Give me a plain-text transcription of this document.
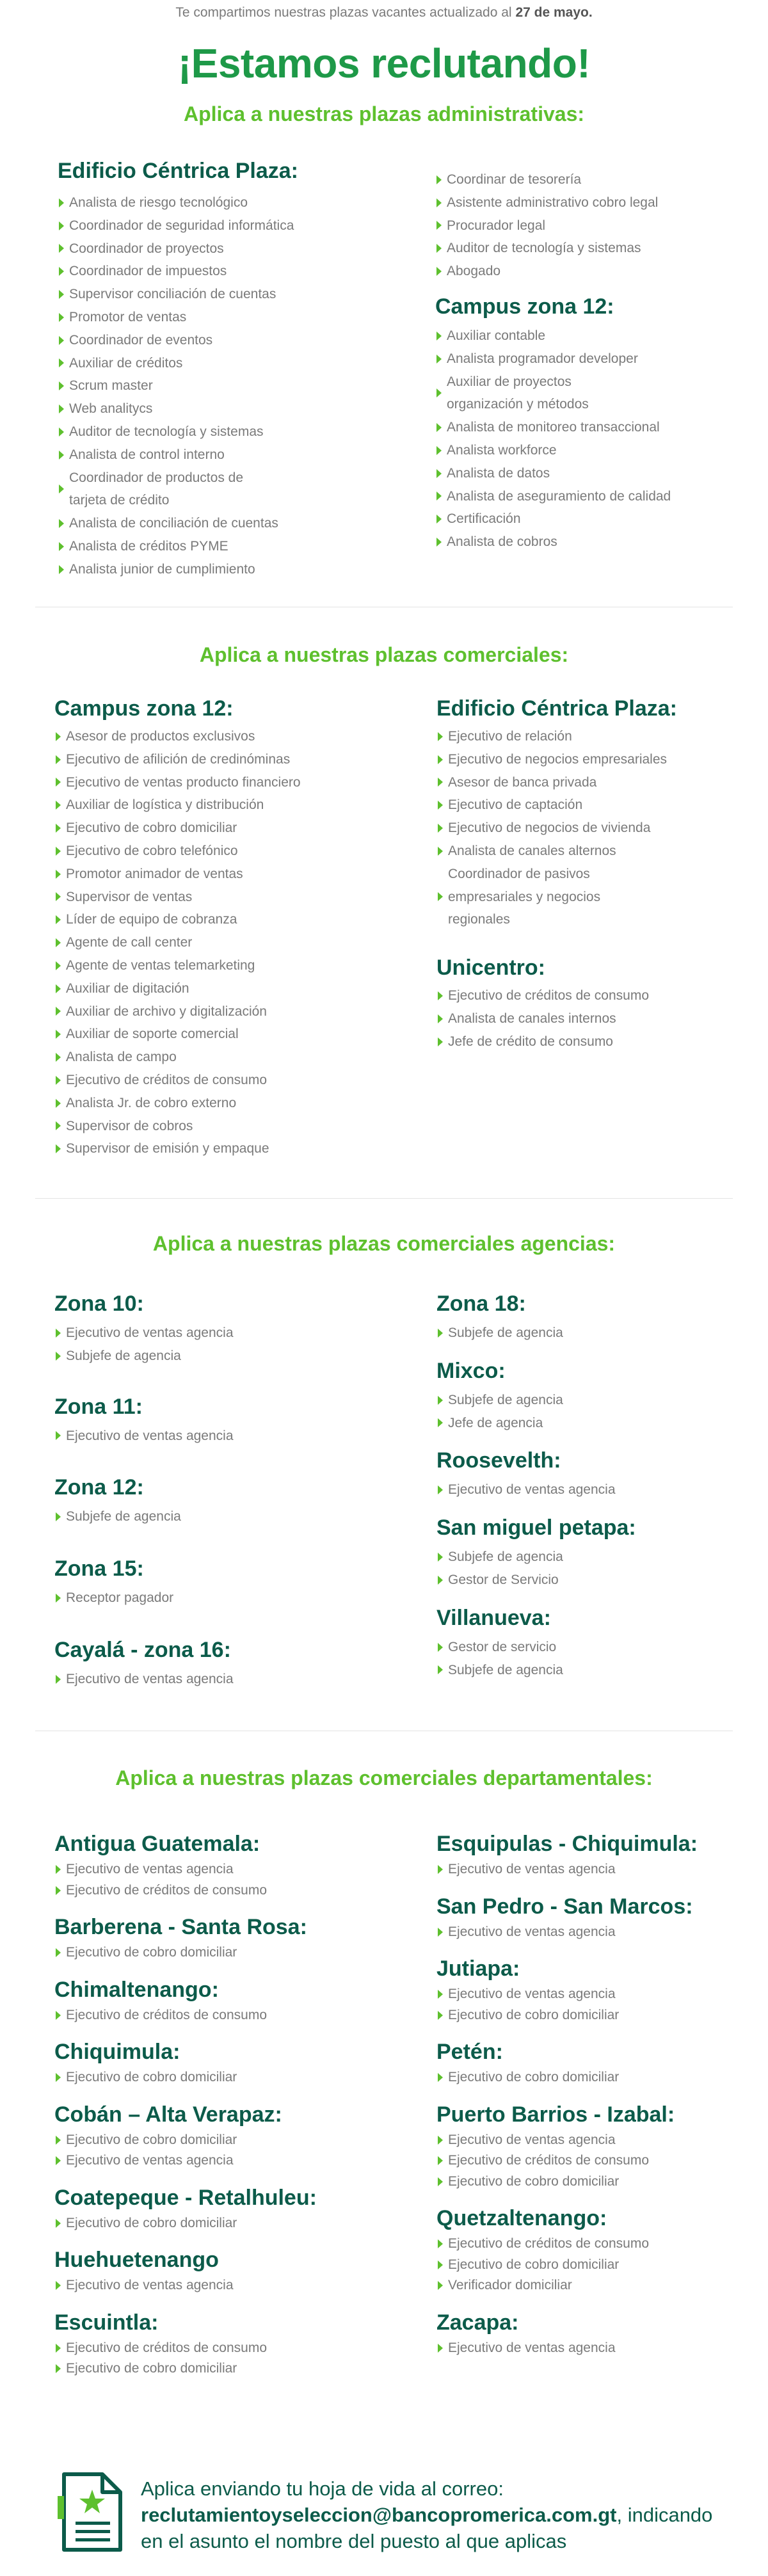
Te compartimos nuestras plazas vacantes actualizado al 27 de mayo.
¡Estamos reclutando!
Aplica a nuestras plazas administrativas:
Edificio Céntrica Plaza:
Analista de riesgo tecnológico
Coordinador de seguridad informática
Coordinador de proyectos
Coordinador de impuestos
Supervisor conciliación de cuentas
Promotor de ventas
Coordinador de eventos
Auxiliar de créditos
Scrum master
Web analitycs
Auditor de tecnología y sistemas
Analista de control interno
Coordinador de productos de tarjeta de crédito
Analista de conciliación de cuentas
Analista de créditos PYME
Analista junior de cumplimiento
Coordinar de tesorería
Asistente administrativo cobro legal
Procurador legal
Auditor de tecnología y sistemas
Abogado
Campus zona 12:
Auxiliar contable
Analista programador developer
Auxiliar de proyectos organización y métodos
Analista de monitoreo transaccional
Analista workforce
Analista de datos
Analista de aseguramiento de calidad
Certificación
Analista de cobros
Aplica a nuestras plazas comerciales:
Campus zona 12:
Asesor de productos exclusivos
Ejecutivo de afilición de credinóminas
Ejecutivo de ventas producto financiero
Auxiliar de logística y distribución
Ejecutivo de cobro domiciliar
Ejecutivo de cobro telefónico
Promotor animador de ventas
Supervisor de ventas
Líder de equipo de cobranza
Agente de call center
Agente de ventas telemarketing
Auxiliar de digitación
Auxiliar de archivo y digitalización
Auxiliar de soporte comercial
Analista de campo
Ejecutivo de créditos de consumo
Analista Jr. de cobro externo
Supervisor de cobros
Supervisor de emisión y empaque
Edificio Céntrica Plaza:
Ejecutivo de relación
Ejecutivo de negocios empresariales
Asesor de banca privada
Ejecutivo de captación
Ejecutivo de negocios de vivienda
Analista de canales alternos
Coordinador de pasivos empresariales y negocios regionales
Unicentro:
Ejecutivo de créditos de consumo
Analista de canales internos
Jefe de crédito de consumo
Aplica a nuestras plazas comerciales agencias:
Zona 10:
Ejecutivo de ventas agencia
Subjefe de agencia
Zona 11:
Ejecutivo de ventas agencia
Zona 12:
Subjefe de agencia
Zona 15:
Receptor pagador
Cayalá - zona 16:
Ejecutivo de ventas agencia
Zona 18:
Subjefe de agencia
Mixco:
Subjefe de agencia
Jefe de agencia
Roosevelth:
Ejecutivo de ventas agencia
San miguel petapa:
Subjefe de agencia
Gestor de Servicio
Villanueva:
Gestor de servicio
Subjefe de agencia
Aplica a nuestras plazas comerciales departamentales:
Antigua Guatemala:
Ejecutivo de ventas agencia
Ejecutivo de créditos de consumo
Barberena - Santa Rosa:
Ejecutivo de cobro domiciliar
Chimaltenango:
Ejecutivo de créditos de consumo
Chiquimula:
Ejecutivo de cobro domiciliar
Cobán – Alta Verapaz:
Ejecutivo de cobro domiciliar
Ejecutivo de ventas agencia
Coatepeque - Retalhuleu:
Ejecutivo de cobro domiciliar
Huehuetenango
Ejecutivo de ventas agencia
Escuintla:
Ejecutivo de créditos de consumo
Ejecutivo de cobro domiciliar
Esquipulas - Chiquimula:
Ejecutivo de ventas agencia
San Pedro - San Marcos:
Ejecutivo de ventas agencia
Jutiapa:
Ejecutivo de ventas agencia
Ejecutivo de cobro domiciliar
Petén:
Ejecutivo de cobro domiciliar
Puerto Barrios - Izabal:
Ejecutivo de ventas agencia
Ejecutivo de créditos de consumo
Ejecutivo de cobro domiciliar
Quetzaltenango:
Ejecutivo de créditos de consumo
Ejecutivo de cobro domiciliar
Verificador domiciliar
Zacapa:
Ejecutivo de ventas agencia
Aplica enviando tu hoja de vida al correo:
reclutamientoyseleccion@bancopromerica.com.gt, indicando
en el asunto el nombre del puesto al que aplicas
